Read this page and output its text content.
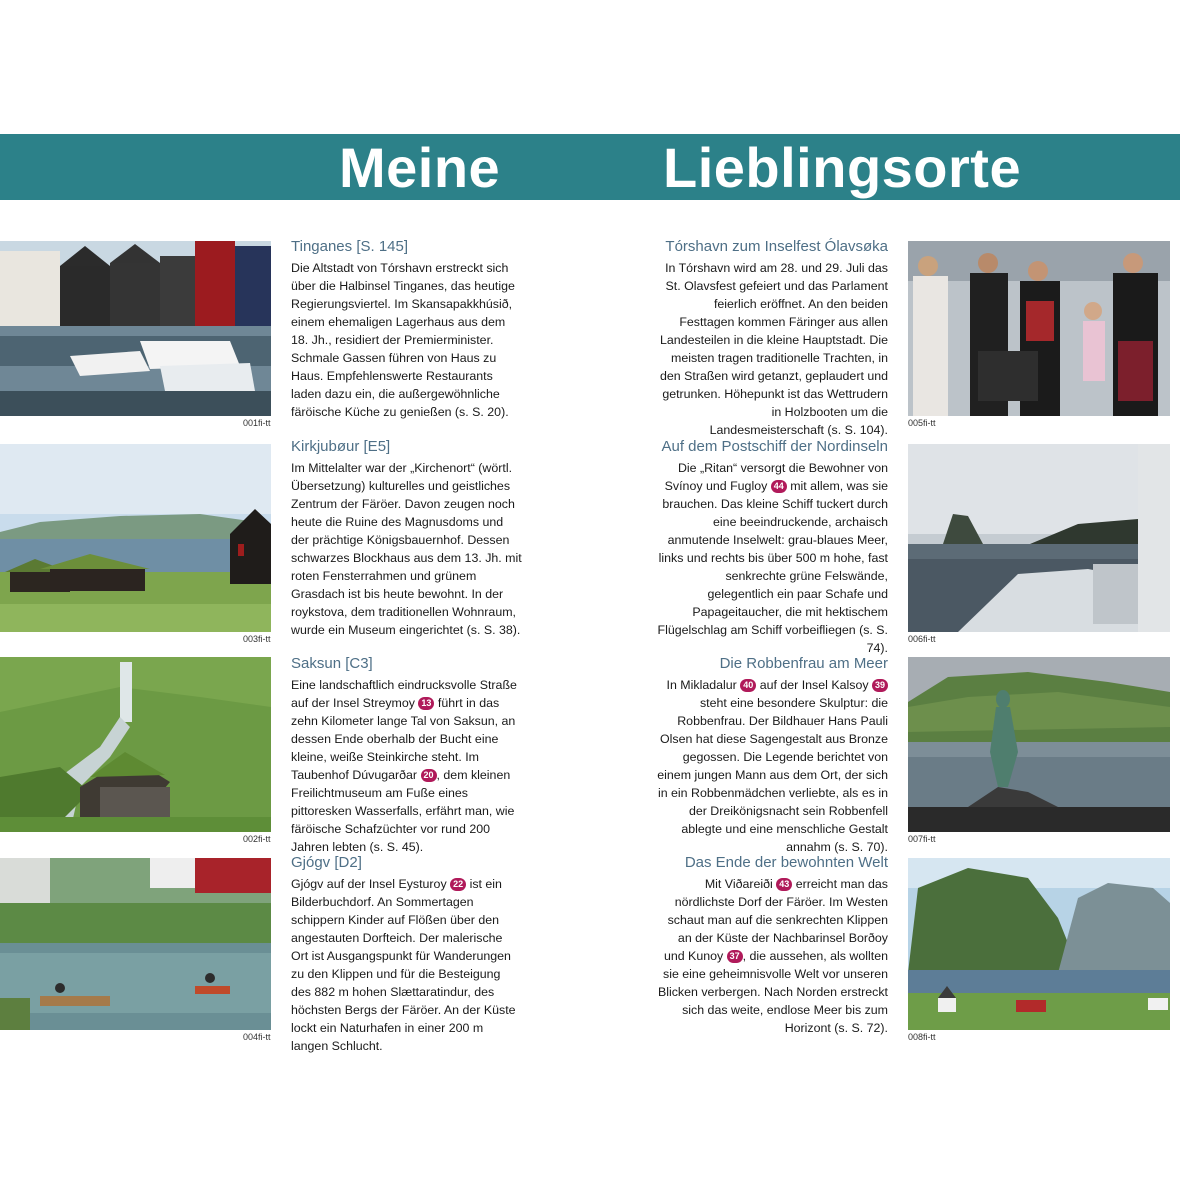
Meine	Lieblingsorte
001fi-tt
003fi-tt
002fi-tt
004fi-tt
005fi-tt
006fi-tt
007fi-tt
008fi-tt
Tinganes [S. 145]

Die Altstadt von Tórshavn erstreckt sich über die Halbinsel Tinganes, das heutige Regierungsviertel. Im Skansapakkhúsið, einem ehemaligen Lagerhaus aus dem 18. Jh., residiert der Premierminister. Schmale Gassen führen von Haus zu Haus. Empfehlenswerte Restaurants laden dazu ein, die außergewöhnliche färöische Küche zu genießen (s. S. 20).

Kirkjubøur [E5]

Im Mittelalter war der „Kirchenort“ (wörtl. Übersetzung) kulturelles und geistliches Zentrum der Färöer. Davon zeugen noch heute die Ruine des Magnusdoms und der prächtige Königsbauernhof. Dessen schwarzes Blockhaus aus dem 13. Jh. mit roten Fensterrahmen und grünem Grasdach ist bis heute bewohnt. In der roykstova, dem traditionellen Wohnraum, wurde ein Museum eingerichtet (s. S. 38).

Saksun [C3]

Eine landschaftlich eindrucksvolle Straße auf der Insel Streymoy 13 führt in das zehn Kilometer lange Tal von Saksun, an dessen Ende oberhalb der Bucht eine kleine, weiße Steinkirche steht. Im Taubenhof Dúvugarðar 20 , dem kleinen Freilichtmuseum am Fuße eines pittoresken Wasserfalls, erfährt man, wie färöische Schafzüchter vor rund 200 Jahren lebten (s. S. 45).

Gjógv [D2]

Gjógv auf der Insel Eysturoy 22 ist ein Bilderbuchdorf. An Sommertagen schippern Kinder auf Flößen über den angestauten Dorfteich. Der malerische Ort ist Ausgangspunkt für Wanderungen zu den Klippen und für die Besteigung des 882 m hohen Slættaratindur, des höchsten Bergs der Färöer. An der Küste lockt ein Naturhafen in einer 200 m langen Schlucht.

Tórshavn zum Inselfest Ólavsøka

In Tórshavn wird am 28. und 29. Juli das St. Olavsfest gefeiert und das Parlament feierlich eröffnet. An den beiden Festtagen kommen Färinger aus allen Landesteilen in die kleine Hauptstadt. Die meisten tragen traditionelle Trachten, in den Straßen wird getanzt, geplaudert und getrunken. Höhepunkt ist das Wettrudern in Holzbooten um die Landesmeisterschaft (s. S. 104).

Auf dem Postschiff der Nordinseln

Die „Ritan“ versorgt die Bewohner von Svínoy und Fugloy 44 mit allem, was sie brauchen. Das kleine Schiff tuckert durch eine beeindruckende, archaisch anmutende Inselwelt: grau-blaues Meer, links und rechts bis über 500 m hohe, fast senkrechte grüne Felswände, gelegentlich ein paar Schafe und Papageitaucher, die mit hektischem Flügelschlag am Schiff vorbeifliegen (s. S. 74).

Die Robbenfrau am Meer

In Mikladalur 40 auf der Insel Kalsoy 39 steht eine besondere Skulptur: die Robbenfrau. Der Bildhauer Hans Pauli Olsen hat diese Sagengestalt aus Bronze gegossen. Die Legende berichtet von einem jungen Mann aus dem Ort, der sich in ein Robbenmädchen verliebte, als es in der Dreikönigsnacht sein Robbenfell ablegte und eine menschliche Gestalt annahm (s. S. 70).

Das Ende der bewohnten Welt

Mit Viðareiði 43 erreicht man das nördlichste Dorf der Färöer. Im Westen schaut man auf die senkrechten Klippen an der Küste der Nachbarinsel Borðoy und Kunoy 37 , die aussehen, als wollten sie eine geheimnisvolle Welt vor unseren Blicken verbergen. Nach Norden erstreckt sich das weite, endlose Meer bis zum Horizont (s. S. 72).
